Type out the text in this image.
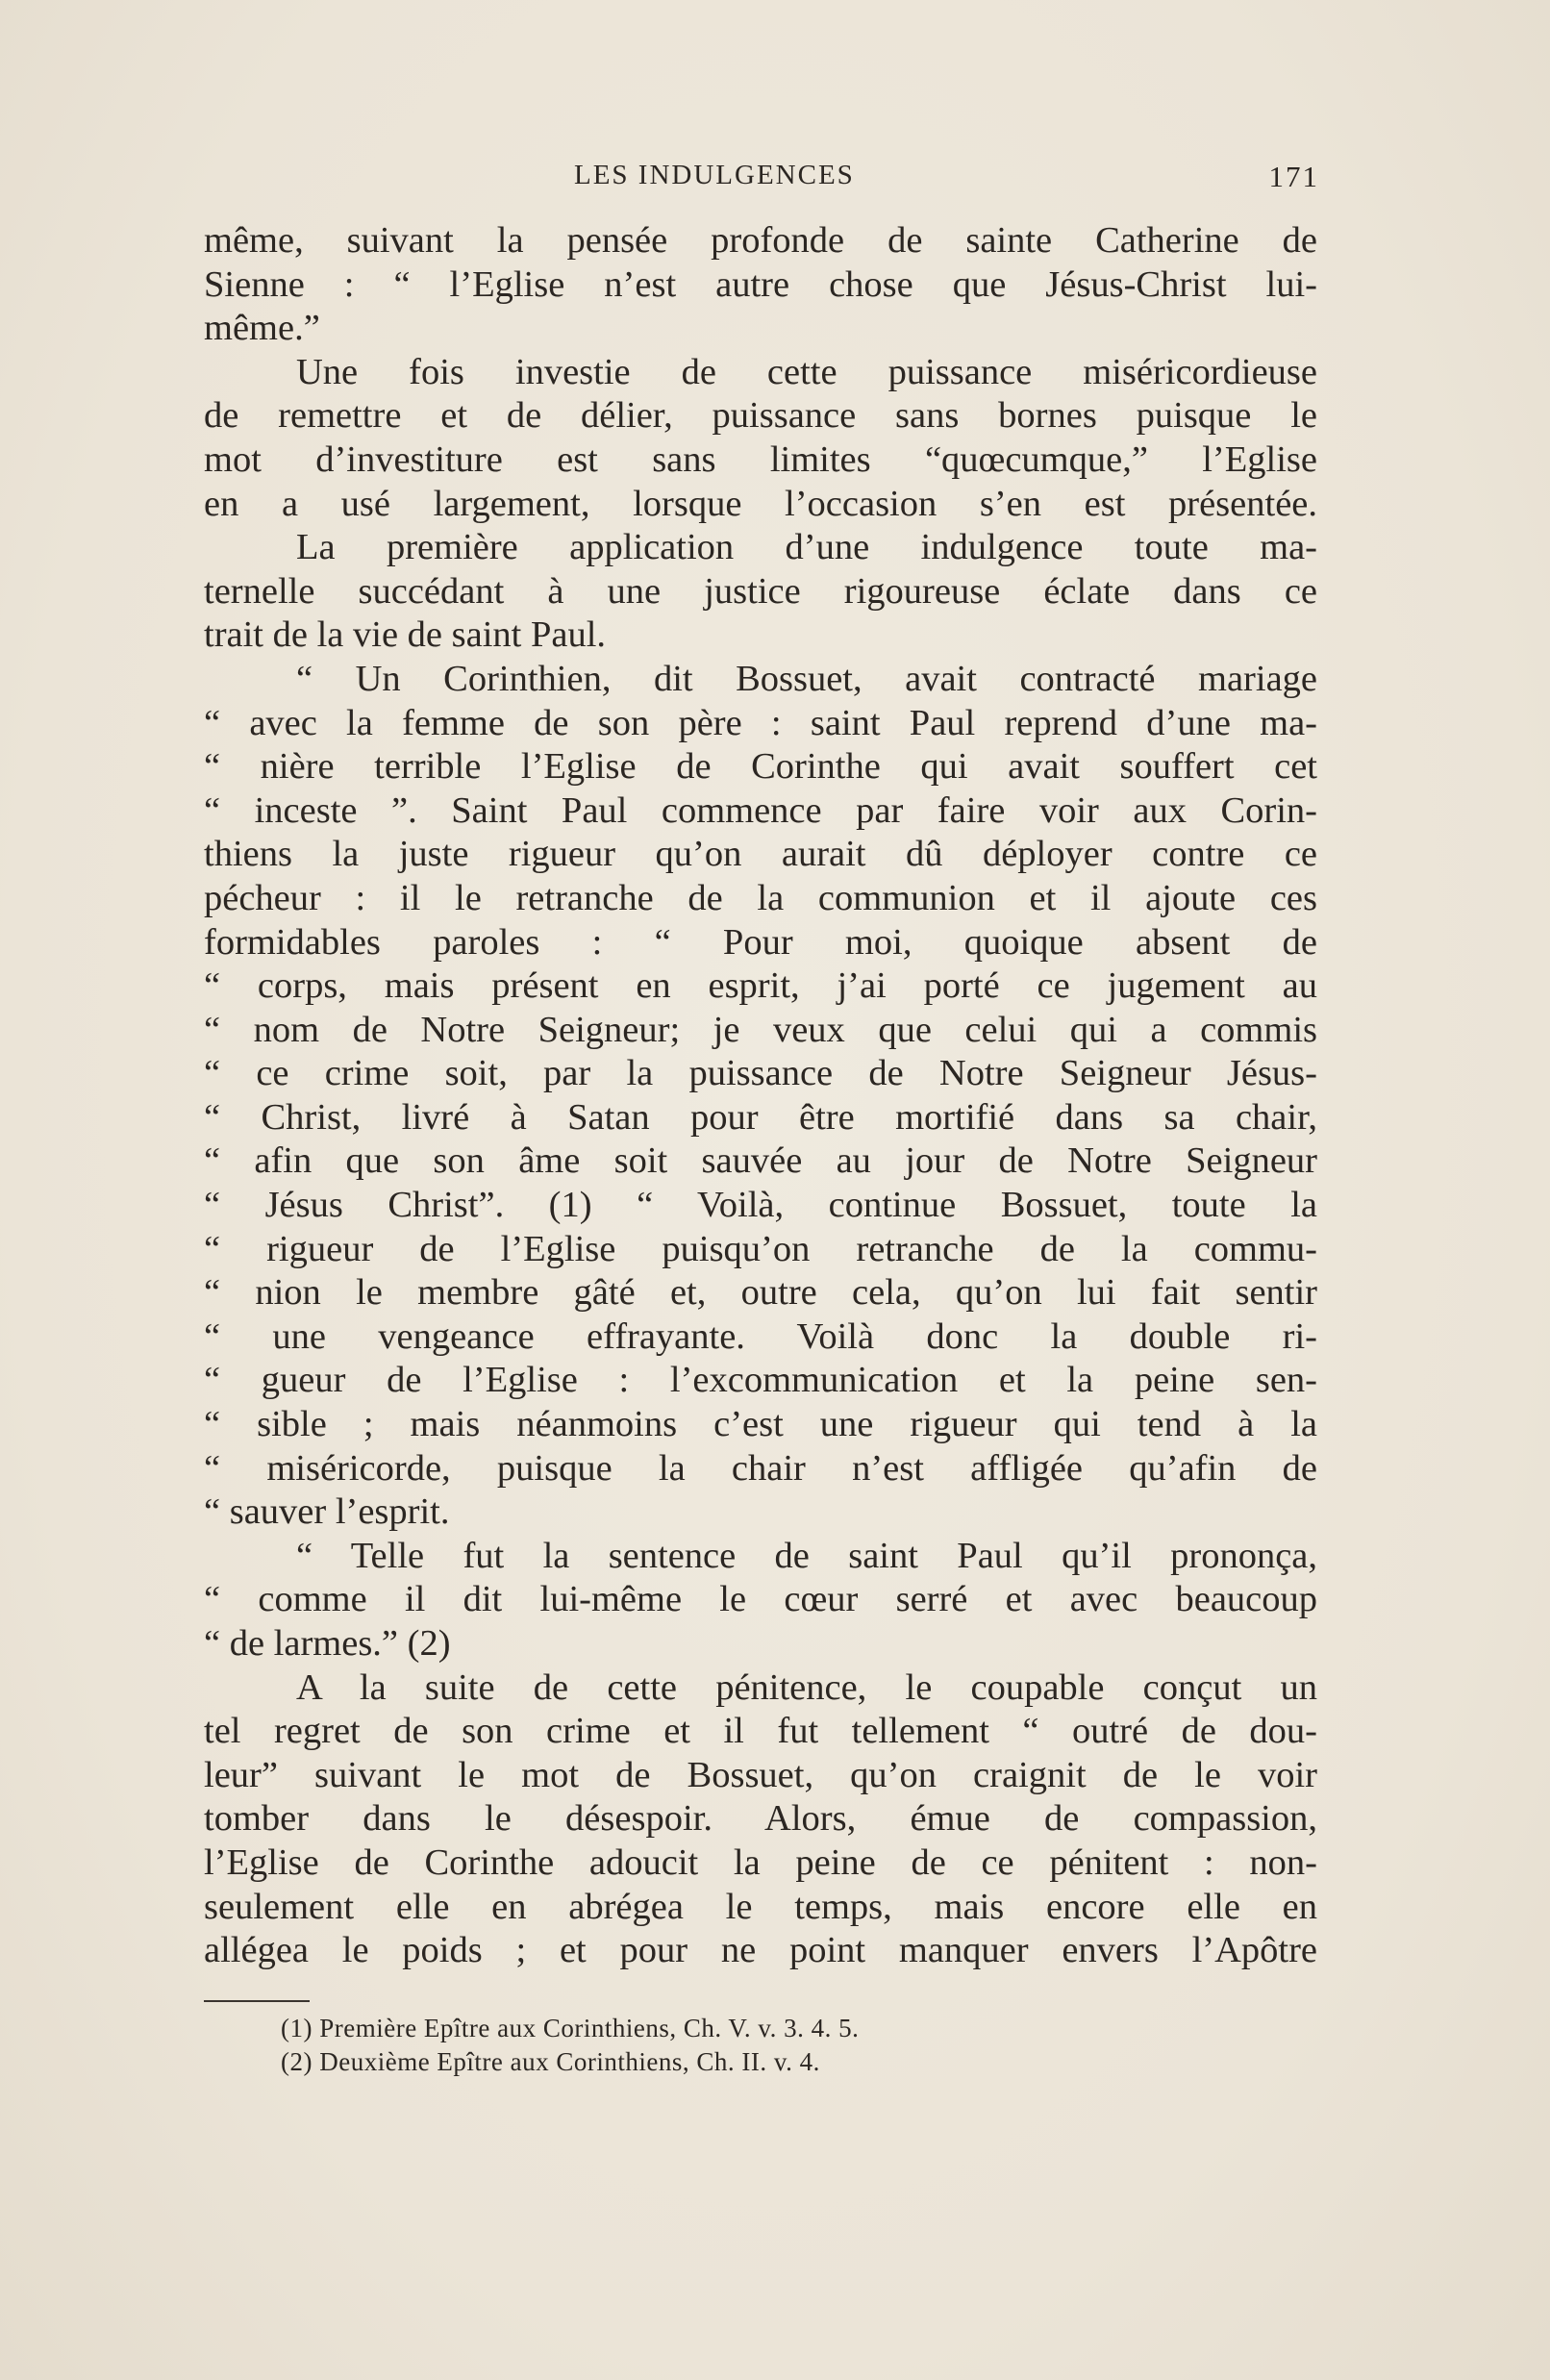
LES INDULGENCES	171
même, suivant la pensée profonde de sainte Catherine de
Sienne : “ l’Eglise n’est autre chose que Jésus-Christ lui-
même.”
Une fois investie de cette puissance miséricordieuse
de remettre et de délier, puissance sans bornes puisque le
mot d’investiture est sans limites “quœcumque,” l’Eglise
en a usé largement, lorsque l’occasion s’en est présentée.
La première application d’une indulgence toute ma-
ternelle succédant à une justice rigoureuse éclate dans ce
trait de la vie de saint Paul.
“ Un Corinthien, dit Bossuet, avait contracté mariage
“ avec la femme de son père : saint Paul reprend d’une ma-
“ nière terrible l’Eglise de Corinthe qui avait souffert cet
“ inceste ”. Saint Paul commence par faire voir aux Corin-
thiens la juste rigueur qu’on aurait dû déployer contre ce
pécheur : il le retranche de la communion et il ajoute ces
formidables paroles : “ Pour moi, quoique absent de
“ corps, mais présent en esprit, j’ai porté ce jugement au
“ nom de Notre Seigneur; je veux que celui qui a commis
“ ce crime soit, par la puissance de Notre Seigneur Jésus-
“ Christ, livré à Satan pour être mortifié dans sa chair,
“ afin que son âme soit sauvée au jour de Notre Seigneur
“ Jésus Christ”. (1) “ Voilà, continue Bossuet, toute la
“ rigueur de l’Eglise puisqu’on retranche de la commu-
“ nion le membre gâté et, outre cela, qu’on lui fait sentir
“ une vengeance effrayante. Voilà donc la double ri-
“ gueur de l’Eglise : l’excommunication et la peine sen-
“ sible ; mais néanmoins c’est une rigueur qui tend à la
“ miséricorde, puisque la chair n’est affligée qu’afin de
“ sauver l’esprit.
“ Telle fut la sentence de saint Paul qu’il prononça,
“ comme il dit lui-même le cœur serré et avec beaucoup
“ de larmes.” (2)
A la suite de cette pénitence, le coupable conçut un
tel regret de son crime et il fut tellement “ outré de dou-
leur” suivant le mot de Bossuet, qu’on craignit de le voir
tomber dans le désespoir. Alors, émue de compassion,
l’Eglise de Corinthe adoucit la peine de ce pénitent : non-
seulement elle en abrégea le temps, mais encore elle en
allégea le poids ; et pour ne point manquer envers l’Apôtre
(1) Première Epître aux Corinthiens, Ch. V. v. 3. 4. 5.
(2) Deuxième Epître aux Corinthiens, Ch. II. v. 4.
